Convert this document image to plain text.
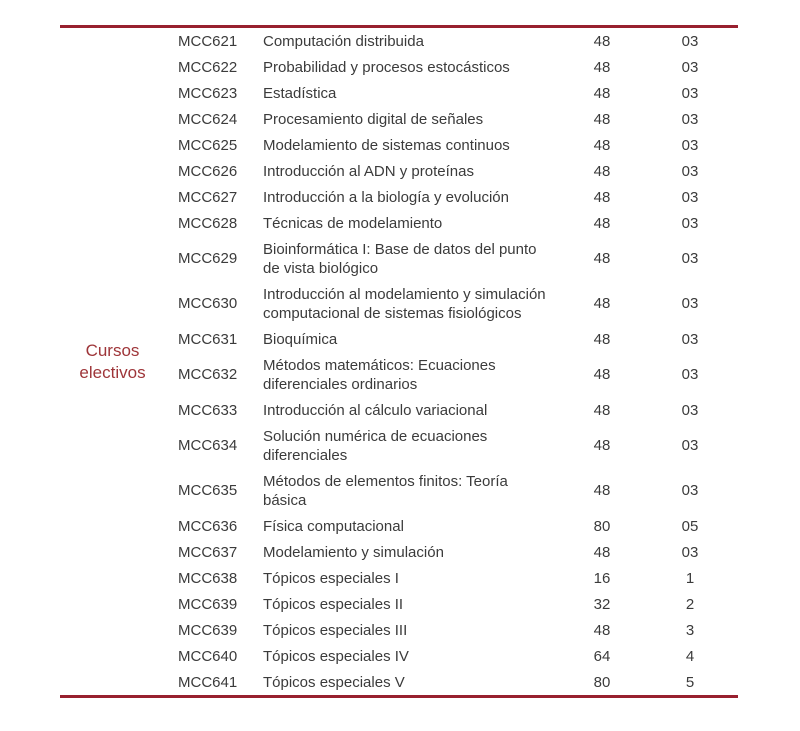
Cursos electivos
MCC621	Computación distribuida	48	03
MCC622	Probabilidad y procesos estocásticos	48	03
MCC623	Estadística	48	03
MCC624	Procesamiento digital de señales	48	03
MCC625	Modelamiento de sistemas continuos	48	03
MCC626	Introducción al ADN y proteínas	48	03
MCC627	Introducción a la biología y evolución	48	03
MCC628	Técnicas de modelamiento	48	03
MCC629	Bioinformática I: Base de datos del punto de vista biológico	48	03
MCC630	Introducción al modelamiento y simulación computacional de sistemas fisiológicos	48	03
MCC631	Bioquímica	48	03
MCC632	Métodos matemáticos: Ecuaciones diferenciales ordinarios	48	03
MCC633	Introducción al cálculo variacional	48	03
MCC634	Solución numérica de ecuaciones diferenciales	48	03
MCC635	Métodos de elementos finitos: Teoría básica	48	03
MCC636	Física computacional	80	05
MCC637	Modelamiento y simulación	48	03
MCC638	Tópicos especiales I	16	1
MCC639	Tópicos especiales II	32	2
MCC639	Tópicos especiales III	48	3
MCC640	Tópicos especiales IV	64	4
MCC641	Tópicos especiales V	80	5
